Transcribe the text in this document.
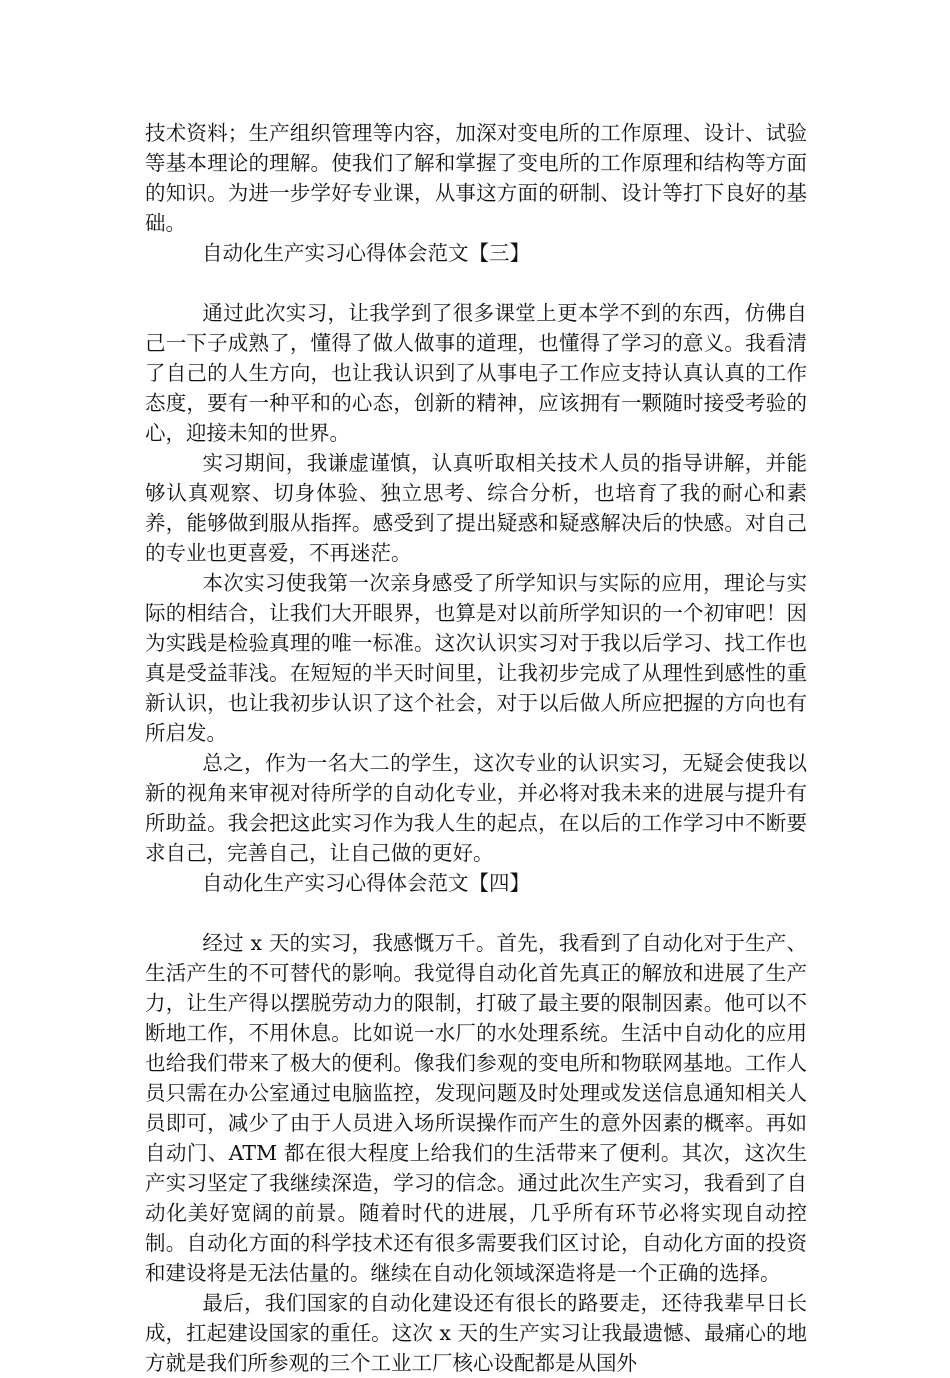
技术资料；生产组织管理等内容，加深对变电所的工作原理、设计、试验等基本理论的理解。使我们了解和掌握了变电所的工作原理和结构等方面的知识。为进一步学好专业课，从事这方面的研制、设计等打下良好的基础。

自动化生产实习心得体会范文【三】

通过此次实习，让我学到了很多课堂上更本学不到的东西，仿佛自己一下子成熟了，懂得了做人做事的道理，也懂得了学习的意义。我看清了自己的人生方向，也让我认识到了从事电子工作应支持认真认真的工作态度，要有一种平和的心态，创新的精神，应该拥有一颗随时接受考验的心，迎接未知的世界。

实习期间，我谦虚谨慎，认真听取相关技术人员的指导讲解，并能够认真观察、切身体验、独立思考、综合分析，也培育了我的耐心和素养，能够做到服从指挥。感受到了提出疑惑和疑惑解决后的快感。对自己的专业也更喜爱，不再迷茫。

本次实习使我第一次亲身感受了所学知识与实际的应用，理论与实际的相结合，让我们大开眼界，也算是对以前所学知识的一个初审吧！因为实践是检验真理的唯一标准。这次认识实习对于我以后学习、找工作也真是受益菲浅。在短短的半天时间里，让我初步完成了从理性到感性的重新认识，也让我初步认识了这个社会，对于以后做人所应把握的方向也有所启发。

总之，作为一名大二的学生，这次专业的认识实习，无疑会使我以新的视角来审视对待所学的自动化专业，并必将对我未来的进展与提升有所助益。我会把这此实习作为我人生的起点，在以后的工作学习中不断要求自己，完善自己，让自己做的更好。

自动化生产实习心得体会范文【四】

经过 x 天的实习，我感慨万千。首先，我看到了自动化对于生产、生活产生的不可替代的影响。我觉得自动化首先真正的解放和进展了生产力，让生产得以摆脱劳动力的限制，打破了最主要的限制因素。他可以不断地工作，不用休息。比如说一水厂的水处理系统。生活中自动化的应用也给我们带来了极大的便利。像我们参观的变电所和物联网基地。工作人员只需在办公室通过电脑监控，发现问题及时处理或发送信息通知相关人员即可，减少了由于人员进入场所误操作而产生的意外因素的概率。再如自动门、ATM 都在很大程度上给我们的生活带来了便利。其次，这次生产实习坚定了我继续深造，学习的信念。通过此次生产实习，我看到了自动化美好宽阔的前景。随着时代的进展，几乎所有环节必将实现自动控制。自动化方面的科学技术还有很多需要我们区讨论，自动化方面的投资和建设将是无法估量的。继续在自动化领域深造将是一个正确的选择。

最后，我们国家的自动化建设还有很长的路要走，还待我辈早日长成，扛起建设国家的重任。这次 x 天的生产实习让我最遗憾、最痛心的地方就是我们所参观的三个工业工厂核心设配都是从国外
